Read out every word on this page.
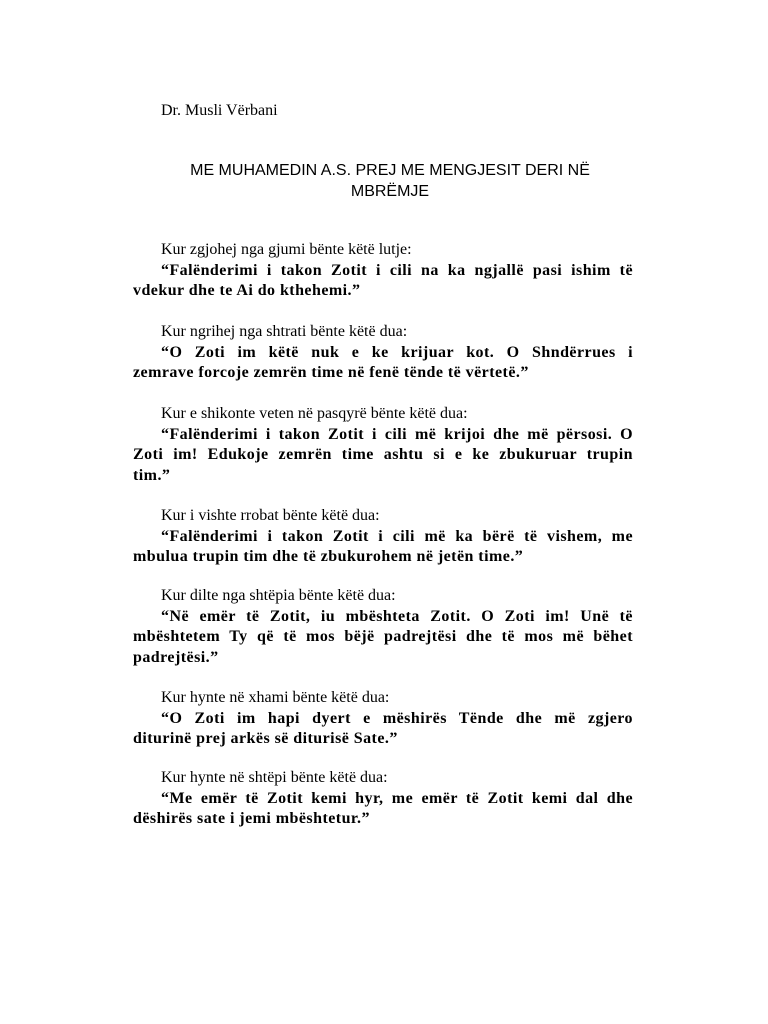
Dr. Musli Vërbani
ME MUHAMEDIN A.S. PREJ ME MENGJESIT DERI NË
MBRËMJE
Kur zgjohej nga gjumi bënte këtë lutje:
“Falënderimi i takon Zotit i cili na ka ngjallë pasi ishim të
vdekur dhe te Ai do kthehemi.”
Kur ngrihej nga shtrati bënte këtë dua:
“O Zoti im këtë nuk e ke krijuar kot. O Shndërrues i
zemrave forcoje zemrën time në fenë tënde të vërtetë.”
Kur e shikonte veten në pasqyrë bënte këtë dua:
“Falënderimi i takon Zotit i cili më krijoi dhe më përsosi. O
Zoti im! Edukoje zemrën time ashtu si e ke zbukuruar trupin
tim.”
Kur i vishte rrobat bënte këtë dua:
“Falënderimi i takon Zotit i cili më ka bërë të vishem, me
mbulua trupin tim dhe të zbukurohem në jetën time.”
Kur dilte nga shtëpia bënte këtë dua:
“Në emër të Zotit, iu mbështeta Zotit. O Zoti im! Unë të
mbështetem Ty që të mos bëjë padrejtësi dhe të mos më bëhet
padrejtësi.”
Kur hynte në xhami bënte këtë dua:
“O Zoti im hapi dyert e mëshirës Tënde dhe më zgjero
diturinë prej arkës së diturisë Sate.”
Kur hynte në shtëpi bënte këtë dua:
“Me emër të Zotit kemi hyr, me emër të Zotit kemi dal dhe
dëshirës sate i jemi mbështetur.”
